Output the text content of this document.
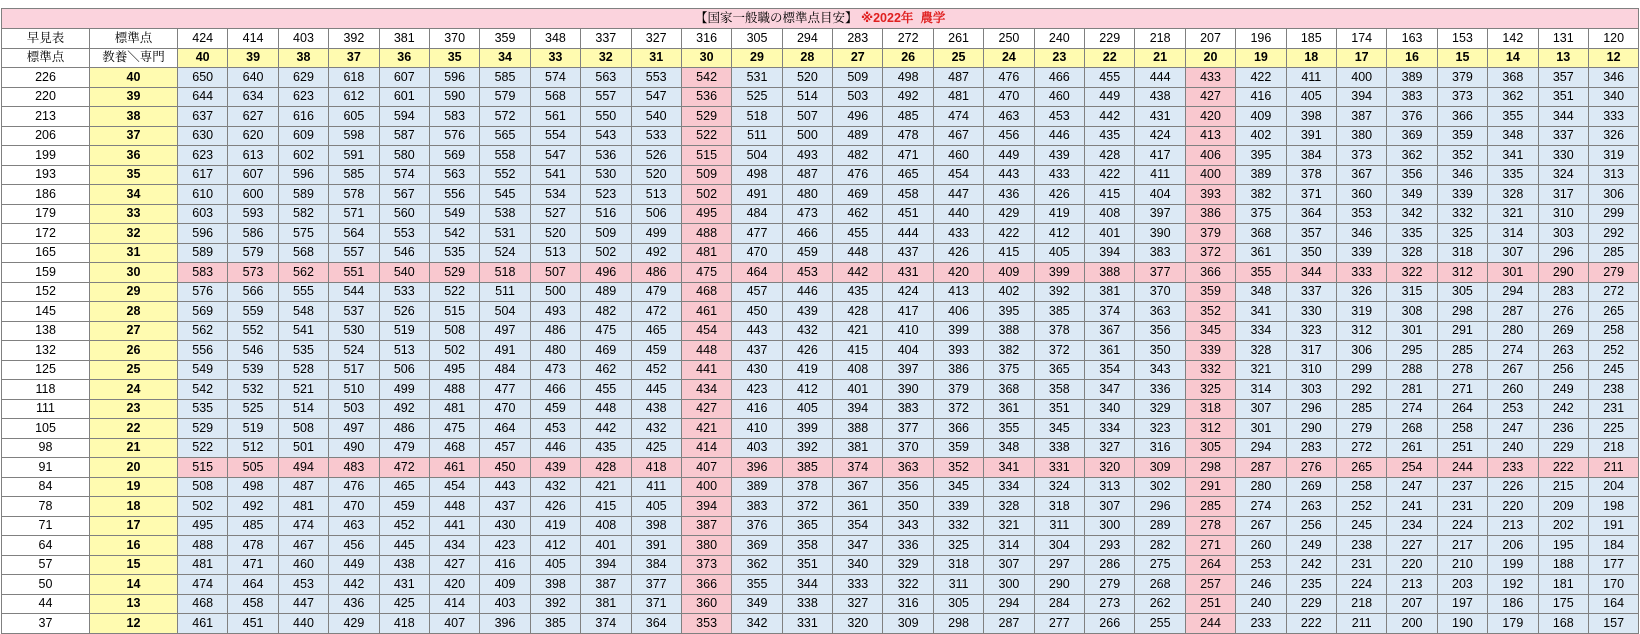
【国家一般職の標準点目安】 ※2022年 農学																														
早見表	標準点	424	414	403	392	381	370	359	348	337	327	316	305	294	283	272	261	250	240	229	218	207	196	185	174	163	153	142	131	120
標準点	教養＼専門	40	39	38	37	36	35	34	33	32	31	30	29	28	27	26	25	24	23	22	21	20	19	18	17	16	15	14	13	12
226	40	650	640	629	618	607	596	585	574	563	553	542	531	520	509	498	487	476	466	455	444	433	422	411	400	389	379	368	357	346
220	39	644	634	623	612	601	590	579	568	557	547	536	525	514	503	492	481	470	460	449	438	427	416	405	394	383	373	362	351	340
213	38	637	627	616	605	594	583	572	561	550	540	529	518	507	496	485	474	463	453	442	431	420	409	398	387	376	366	355	344	333
206	37	630	620	609	598	587	576	565	554	543	533	522	511	500	489	478	467	456	446	435	424	413	402	391	380	369	359	348	337	326
199	36	623	613	602	591	580	569	558	547	536	526	515	504	493	482	471	460	449	439	428	417	406	395	384	373	362	352	341	330	319
193	35	617	607	596	585	574	563	552	541	530	520	509	498	487	476	465	454	443	433	422	411	400	389	378	367	356	346	335	324	313
186	34	610	600	589	578	567	556	545	534	523	513	502	491	480	469	458	447	436	426	415	404	393	382	371	360	349	339	328	317	306
179	33	603	593	582	571	560	549	538	527	516	506	495	484	473	462	451	440	429	419	408	397	386	375	364	353	342	332	321	310	299
172	32	596	586	575	564	553	542	531	520	509	499	488	477	466	455	444	433	422	412	401	390	379	368	357	346	335	325	314	303	292
165	31	589	579	568	557	546	535	524	513	502	492	481	470	459	448	437	426	415	405	394	383	372	361	350	339	328	318	307	296	285
159	30	583	573	562	551	540	529	518	507	496	486	475	464	453	442	431	420	409	399	388	377	366	355	344	333	322	312	301	290	279
152	29	576	566	555	544	533	522	511	500	489	479	468	457	446	435	424	413	402	392	381	370	359	348	337	326	315	305	294	283	272
145	28	569	559	548	537	526	515	504	493	482	472	461	450	439	428	417	406	395	385	374	363	352	341	330	319	308	298	287	276	265
138	27	562	552	541	530	519	508	497	486	475	465	454	443	432	421	410	399	388	378	367	356	345	334	323	312	301	291	280	269	258
132	26	556	546	535	524	513	502	491	480	469	459	448	437	426	415	404	393	382	372	361	350	339	328	317	306	295	285	274	263	252
125	25	549	539	528	517	506	495	484	473	462	452	441	430	419	408	397	386	375	365	354	343	332	321	310	299	288	278	267	256	245
118	24	542	532	521	510	499	488	477	466	455	445	434	423	412	401	390	379	368	358	347	336	325	314	303	292	281	271	260	249	238
111	23	535	525	514	503	492	481	470	459	448	438	427	416	405	394	383	372	361	351	340	329	318	307	296	285	274	264	253	242	231
105	22	529	519	508	497	486	475	464	453	442	432	421	410	399	388	377	366	355	345	334	323	312	301	290	279	268	258	247	236	225
98	21	522	512	501	490	479	468	457	446	435	425	414	403	392	381	370	359	348	338	327	316	305	294	283	272	261	251	240	229	218
91	20	515	505	494	483	472	461	450	439	428	418	407	396	385	374	363	352	341	331	320	309	298	287	276	265	254	244	233	222	211
84	19	508	498	487	476	465	454	443	432	421	411	400	389	378	367	356	345	334	324	313	302	291	280	269	258	247	237	226	215	204
78	18	502	492	481	470	459	448	437	426	415	405	394	383	372	361	350	339	328	318	307	296	285	274	263	252	241	231	220	209	198
71	17	495	485	474	463	452	441	430	419	408	398	387	376	365	354	343	332	321	311	300	289	278	267	256	245	234	224	213	202	191
64	16	488	478	467	456	445	434	423	412	401	391	380	369	358	347	336	325	314	304	293	282	271	260	249	238	227	217	206	195	184
57	15	481	471	460	449	438	427	416	405	394	384	373	362	351	340	329	318	307	297	286	275	264	253	242	231	220	210	199	188	177
50	14	474	464	453	442	431	420	409	398	387	377	366	355	344	333	322	311	300	290	279	268	257	246	235	224	213	203	192	181	170
44	13	468	458	447	436	425	414	403	392	381	371	360	349	338	327	316	305	294	284	273	262	251	240	229	218	207	197	186	175	164
37	12	461	451	440	429	418	407	396	385	374	364	353	342	331	320	309	298	287	277	266	255	244	233	222	211	200	190	179	168	157
